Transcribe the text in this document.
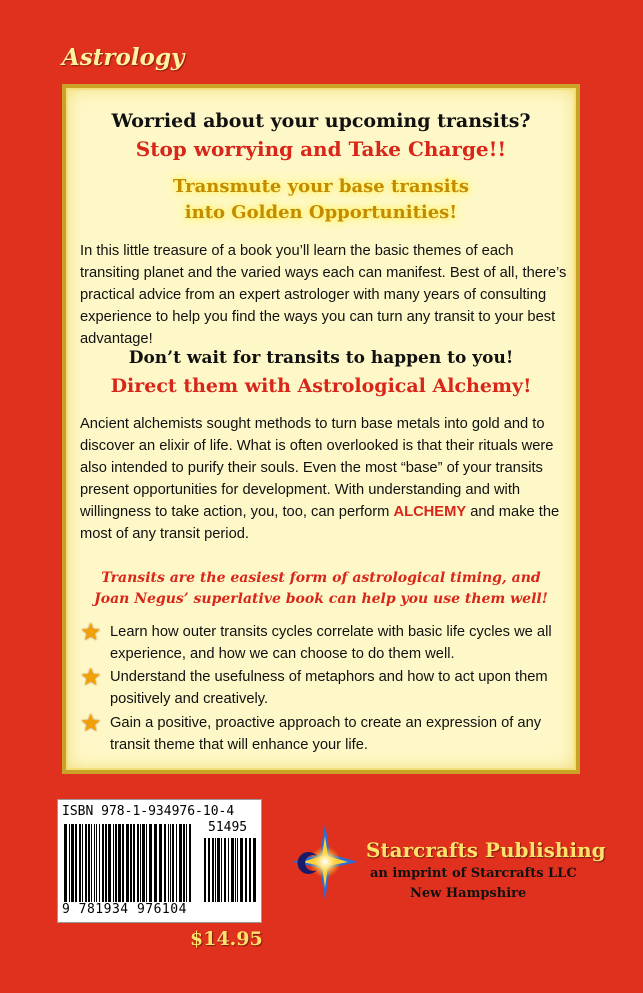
Astrology
Worried about your upcoming transits?
Stop worrying and Take Charge!!
Transmute your base transits
into Golden Opportunities!
In this little treasure of a book you’ll learn the basic themes of each transiting planet and the varied ways each can manifest. Best of all, there’s practical advice from an expert astrologer with many years of consulting experience to help you find the ways you can turn any transit to your best advantage!
Don’t wait for transits to happen to you!
Direct them with Astrological Alchemy!
Ancient alchemists sought methods to turn base metals into gold and to discover an elixir of life. What is often overlooked is that their rituals were also intended to purify their souls. Even the most “base” of your transits present opportunities for development. With understanding and with willingness to take action, you, too, can perform ALCHEMY and make the most of any transit period.
Transits are the easiest form of astrological timing, and
Joan Negus’ superlative book can help you use them well!
★ Learn how outer transits cycles correlate with basic life cycles we all experience, and how we can choose to do them well.
★ Understand the usefulness of metaphors and how to act upon them positively and creatively.
★ Gain a positive, proactive approach to create an expression of any transit theme that will enhance your life.
ISBN 978-1-934976-10-4
51495
9 781934 976104
Starcrafts Publishing
an imprint of Starcrafts LLC
New Hampshire
$14.95
